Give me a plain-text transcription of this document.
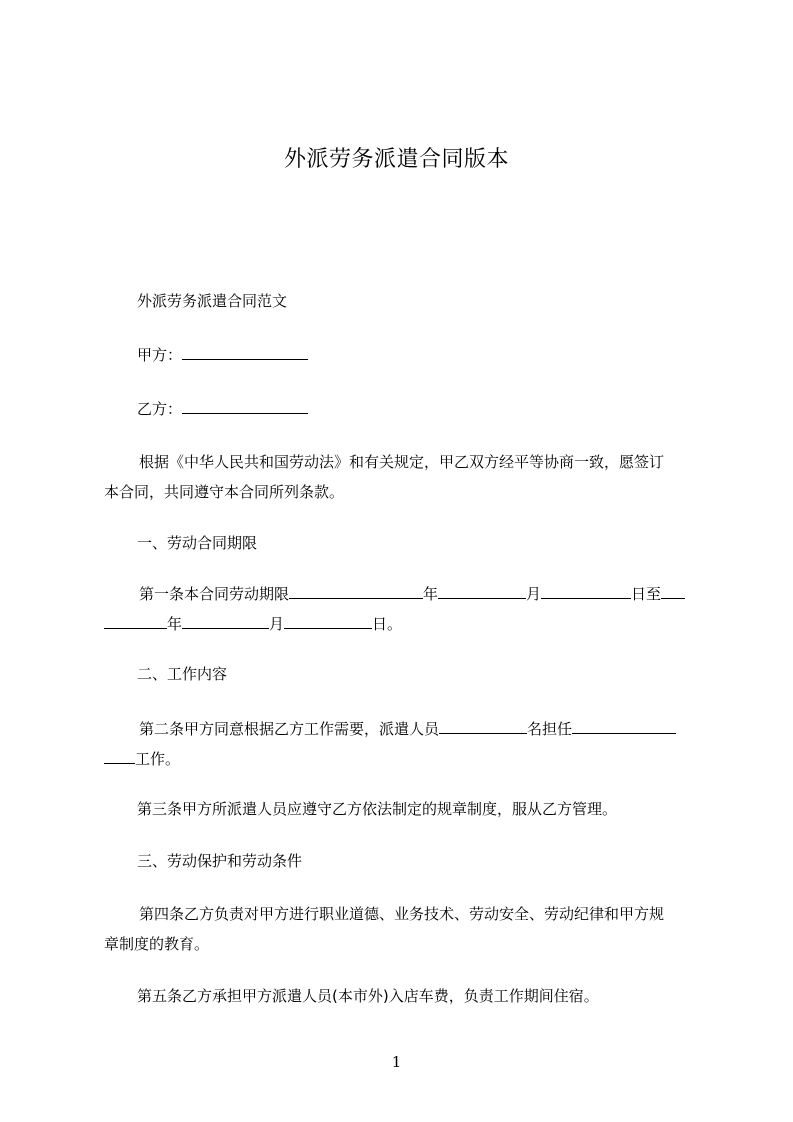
外派劳务派遣合同版本
外派劳务派遣合同范文
甲方：
乙方：
根据《中华人民共和国劳动法》和有关规定，甲乙双方经平等协商一致，愿签订
本合同，共同遵守本合同所列条款。
一、劳动合同期限
第一条本合同劳动期限	年	月	日至
年	月	日。
二、工作内容
第二条甲方同意根据乙方工作需要，派遣人员	名担任
工作。
第三条甲方所派遣人员应遵守乙方依法制定的规章制度，服从乙方管理。
三、劳动保护和劳动条件
第四条乙方负责对甲方进行职业道德、业务技术、劳动安全、劳动纪律和甲方规
章制度的教育。
第五条乙方承担甲方派遣人员(本市外)入店车费，负责工作期间住宿。
1
